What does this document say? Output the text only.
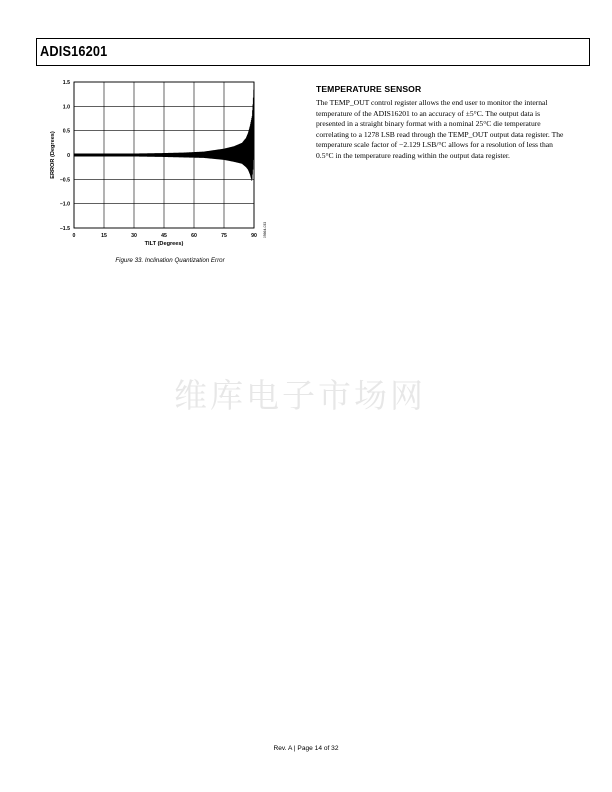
ADIS16201
0	15	30	45	60	75	90
1.5
1.0
0.5
0
−0.5
−1.0
−1.5
TILT (Degrees)
ERROR (Degrees)
05664-033
Figure 33. Inclination Quantization Error
TEMPERATURE SENSOR
The TEMP_OUT control register allows the end user to monitor the internal temperature of the ADIS16201 to an accuracy of ±5°C. The output data is presented in a straight binary format with a nominal 25°C die temperature correlating to a 1278 LSB read through the TEMP_OUT output data register. The temperature scale factor of −2.129 LSB/°C allows for a resolution of less than 0.5°C in the temperature reading within the output data register.
维库电子市场网
Rev. A | Page 14 of 32
